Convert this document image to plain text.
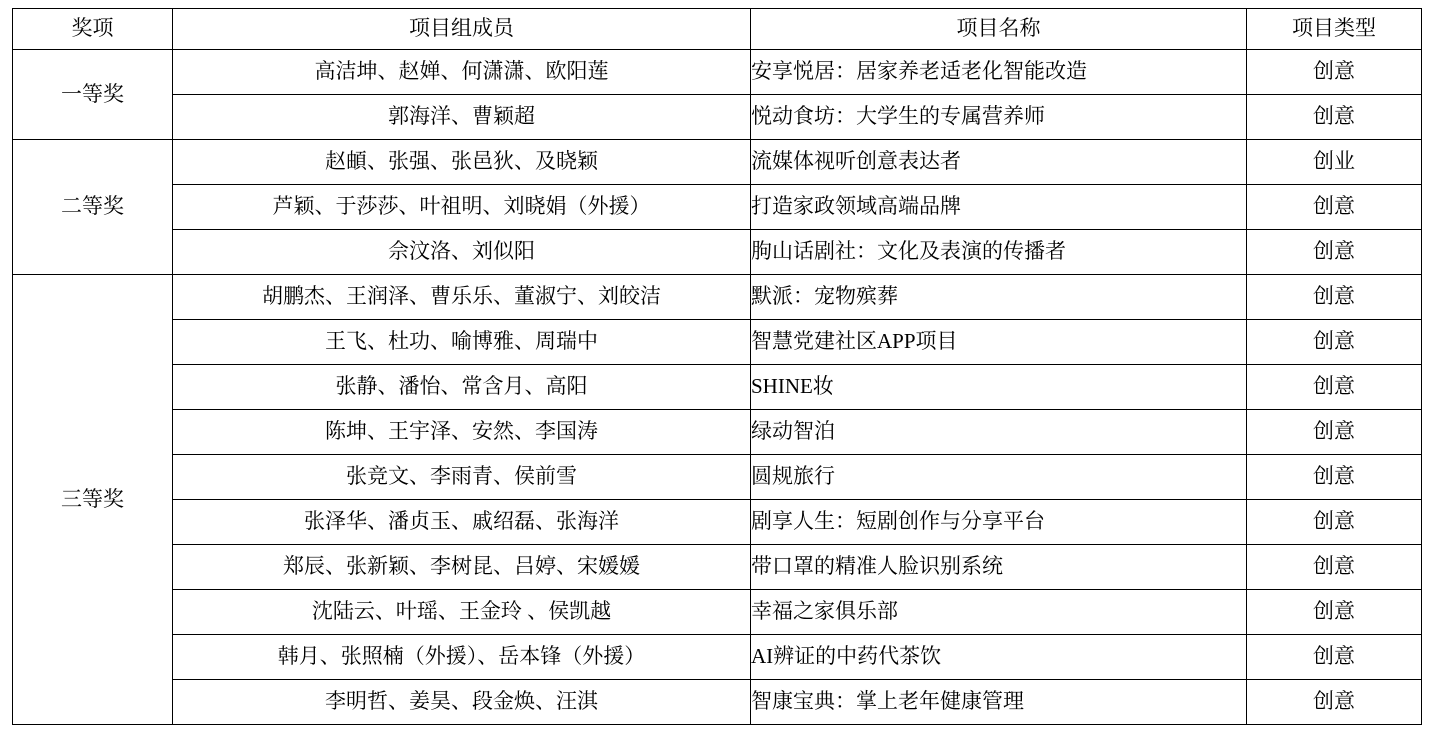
奖项	项目组成员	项目名称	项目类型
一等奖	高洁坤、赵婵、何潇潇、欧阳莲	安享悦居：居家养老适老化智能改造	创意
	郭海洋、曹颖超	悦动食坊：大学生的专属营养师	创意
二等奖	赵頔、张强、张邑狄、及晓颖	流媒体视听创意表达者	创业
	芦颖、于莎莎、叶祖明、刘晓娟（外援）	打造家政领域高端品牌	创意
	佘汶洛、刘似阳	朐山话剧社：文化及表演的传播者	创意
三等奖	胡鹏杰、王润泽、曹乐乐、董淑宁、刘皎洁	默派：宠物殡葬	创意
	王飞、杜功、喻博雅、周瑞中	智慧党建社区APP项目	创意
	张静、潘怡、常含月、高阳	SHINE妆	创意
	陈坤、王宇泽、安然、李国涛	绿动智泊	创意
	张竞文、李雨青、侯前雪	圆规旅行	创意
	张泽华、潘贞玉、戚绍磊、张海洋	剧享人生：短剧创作与分享平台	创意
	郑辰、张新颖、李树昆、吕婷、宋媛媛	带口罩的精准人脸识别系统	创意
	沈陆云、叶瑶、王金玲 、侯凯越	幸福之家俱乐部	创意
	韩月、张照楠（外援）、岳本锋（外援）	AI辨证的中药代茶饮	创意
	李明哲、姜昊、段金焕、汪淇	智康宝典：掌上老年健康管理	创意
